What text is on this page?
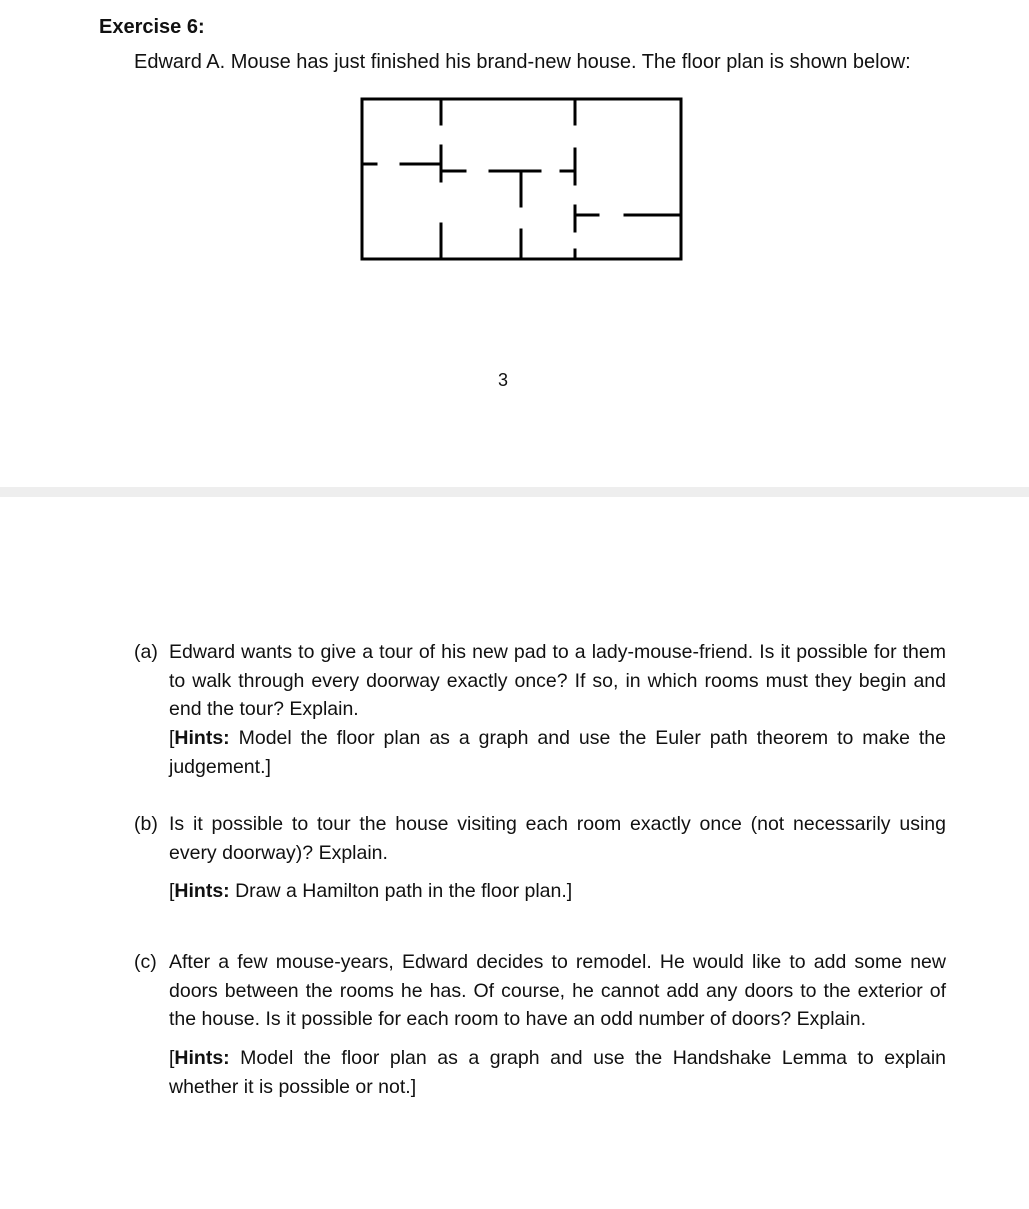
Exercise 6:
Edward A. Mouse has just finished his brand-new house. The floor plan is shown below:
3
(a) Edward wants to give a tour of his new pad to a lady-mouse-friend. Is it possible for them to walk through every doorway exactly once? If so, in which rooms must they begin and end the tour? Explain.
[Hints: Model the floor plan as a graph and use the Euler path theorem to make the judgement.]
(b) Is it possible to tour the house visiting each room exactly once (not necessarily using every doorway)? Explain.
[Hints: Draw a Hamilton path in the floor plan.]
(c) After a few mouse-years, Edward decides to remodel. He would like to add some new doors between the rooms he has. Of course, he cannot add any doors to the exterior of the house. Is it possible for each room to have an odd number of doors? Explain.
[Hints: Model the floor plan as a graph and use the Handshake Lemma to explain whether it is possible or not.]
